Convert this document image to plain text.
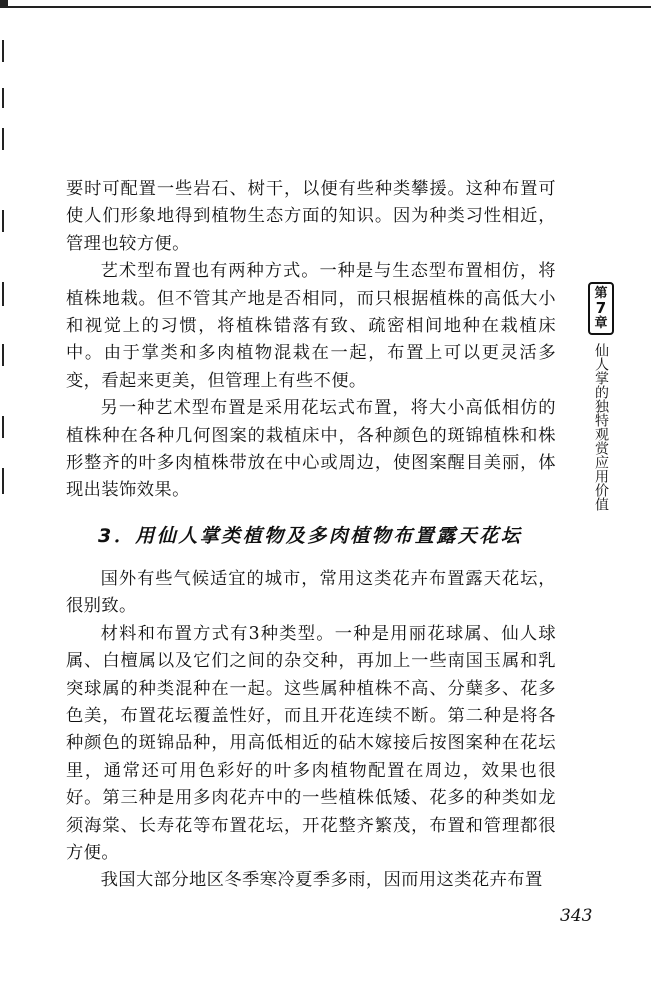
要时可配置一些岩石、树干，以便有些种类攀援。这种布置可使人们形象地得到植物生态方面的知识。因为种类习性相近，管理也较方便。

艺术型布置也有两种方式。一种是与生态型布置相仿，将植株地栽。但不管其产地是否相同，而只根据植株的高低大小和视觉上的习惯，将植株错落有致、疏密相间地种在栽植床中。由于掌类和多肉植物混栽在一起，布置上可以更灵活多变，看起来更美，但管理上有些不便。

另一种艺术型布置是采用花坛式布置，将大小高低相仿的植株种在各种几何图案的栽植床中，各种颜色的斑锦植株和株形整齐的叶多肉植株带放在中心或周边，使图案醒目美丽，体现出装饰效果。

3．用仙人掌类植物及多肉植物布置露天花坛

国外有些气候适宜的城市，常用这类花卉布置露天花坛，很别致。

材料和布置方式有3种类型。一种是用丽花球属、仙人球属、白檀属以及它们之间的杂交种，再加上一些南国玉属和乳突球属的种类混种在一起。这些属种植株不高、分蘖多、花多色美，布置花坛覆盖性好，而且开花连续不断。第二种是将各种颜色的斑锦品种，用高低相近的砧木嫁接后按图案种在花坛里，通常还可用色彩好的叶多肉植物配置在周边，效果也很好。第三种是用多肉花卉中的一些植株低矮、花多的种类如龙须海棠、长寿花等布置花坛，开花整齐繁茂，布置和管理都很方便。

我国大部分地区冬季寒冷夏季多雨，因而用这类花卉布置

第
7
章
仙人掌的独特观赏应用价值
343
